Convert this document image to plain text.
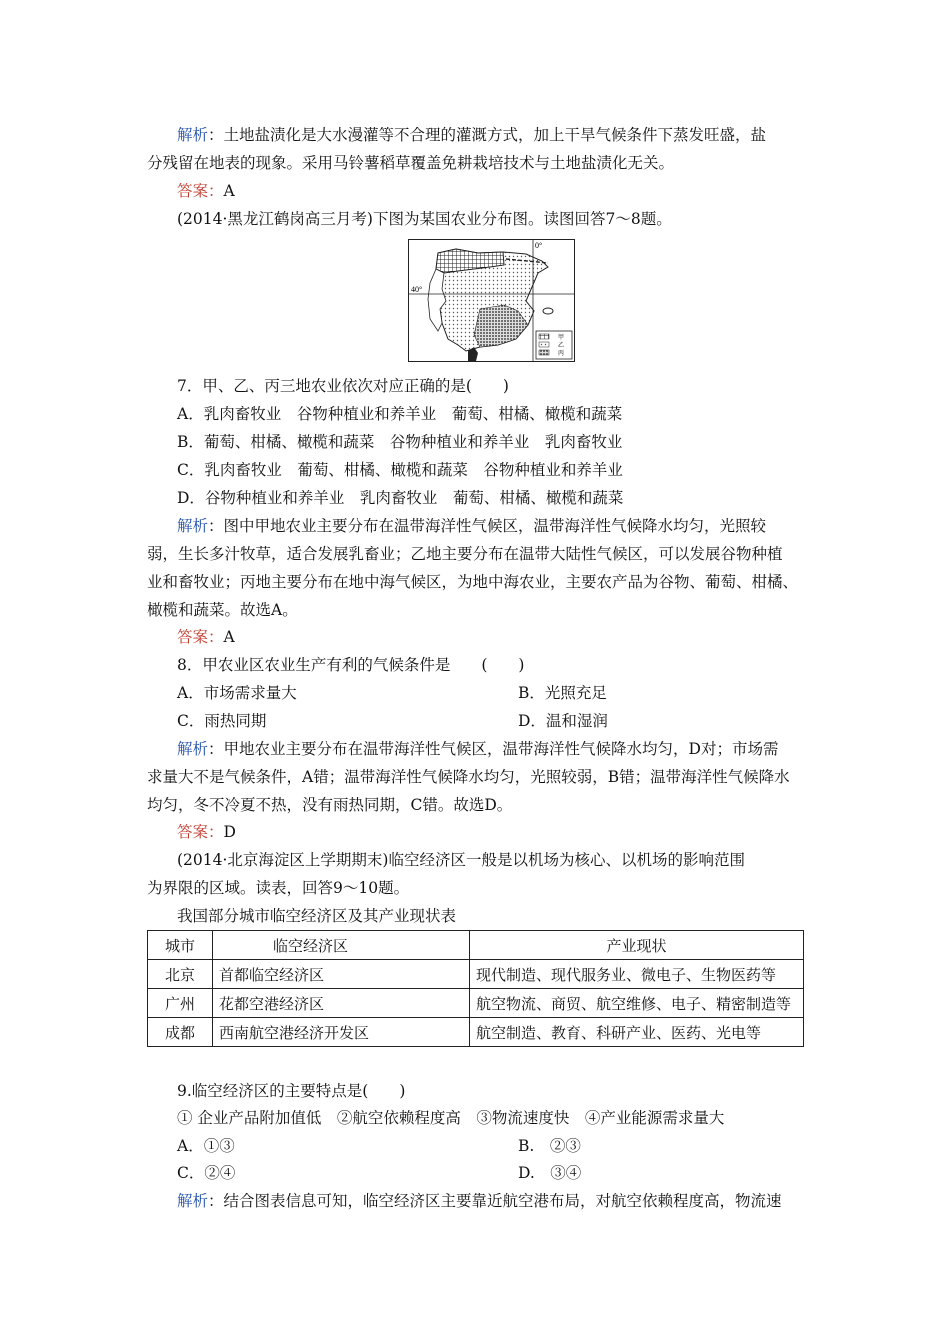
解析：土地盐渍化是大水漫灌等不合理的灌溉方式，加上干旱气候条件下蒸发旺盛，盐
分残留在地表的现象。采用马铃薯稻草覆盖免耕栽培技术与土地盐渍化无关。
答案：A
(2014·黑龙江鹤岗高三月考)下图为某国农业分布图。读图回答7～8题。
40°
0°
甲
乙
丙
7．甲、乙、丙三地农业依次对应正确的是(　　)
A．乳肉畜牧业　谷物种植业和养羊业　葡萄、柑橘、橄榄和蔬菜
B．葡萄、柑橘、橄榄和蔬菜　谷物种植业和养羊业　乳肉畜牧业
C．乳肉畜牧业　葡萄、柑橘、橄榄和蔬菜　谷物种植业和养羊业
D．谷物种植业和养羊业　乳肉畜牧业　葡萄、柑橘、橄榄和蔬菜
解析：图中甲地农业主要分布在温带海洋性气候区，温带海洋性气候降水均匀，光照较
弱，生长多汁牧草，适合发展乳畜业；乙地主要分布在温带大陆性气候区，可以发展谷物种植
业和畜牧业；丙地主要分布在地中海气候区，为地中海农业，主要农产品为谷物、葡萄、柑橘、
橄榄和蔬菜。故选A。
答案：A
8．甲农业区农业生产有利的气候条件是　　(　　)
A．市场需求量大	B．光照充足
C．雨热同期	D．温和湿润
解析：甲地农业主要分布在温带海洋性气候区，温带海洋性气候降水均匀，D对；市场需
求量大不是气候条件，A错；温带海洋性气候降水均匀，光照较弱，B错；温带海洋性气候降水
均匀，冬不冷夏不热，没有雨热同期，C错。故选D。
答案：D
(2014·北京海淀区上学期期末)临空经济区一般是以机场为核心、以机场的影响范围
为界限的区域。读表，回答9～10题。
我国部分城市临空经济区及其产业现状表
城市	临空经济区	产业现状
北京	首都临空经济区	现代制造、现代服务业、微电子、生物医药等
广州	花都空港经济区	航空物流、商贸、航空维修、电子、精密制造等
成都	西南航空港经济开发区	航空制造、教育、科研产业、医药、光电等
9.临空经济区的主要特点是(　　)
① 企业产品附加值低　②航空依赖程度高　③物流速度快　④产业能源需求量大
A．①③	B.　②③
C．②④	D.　③④
解析：结合图表信息可知，临空经济区主要靠近航空港布局，对航空依赖程度高，物流速
